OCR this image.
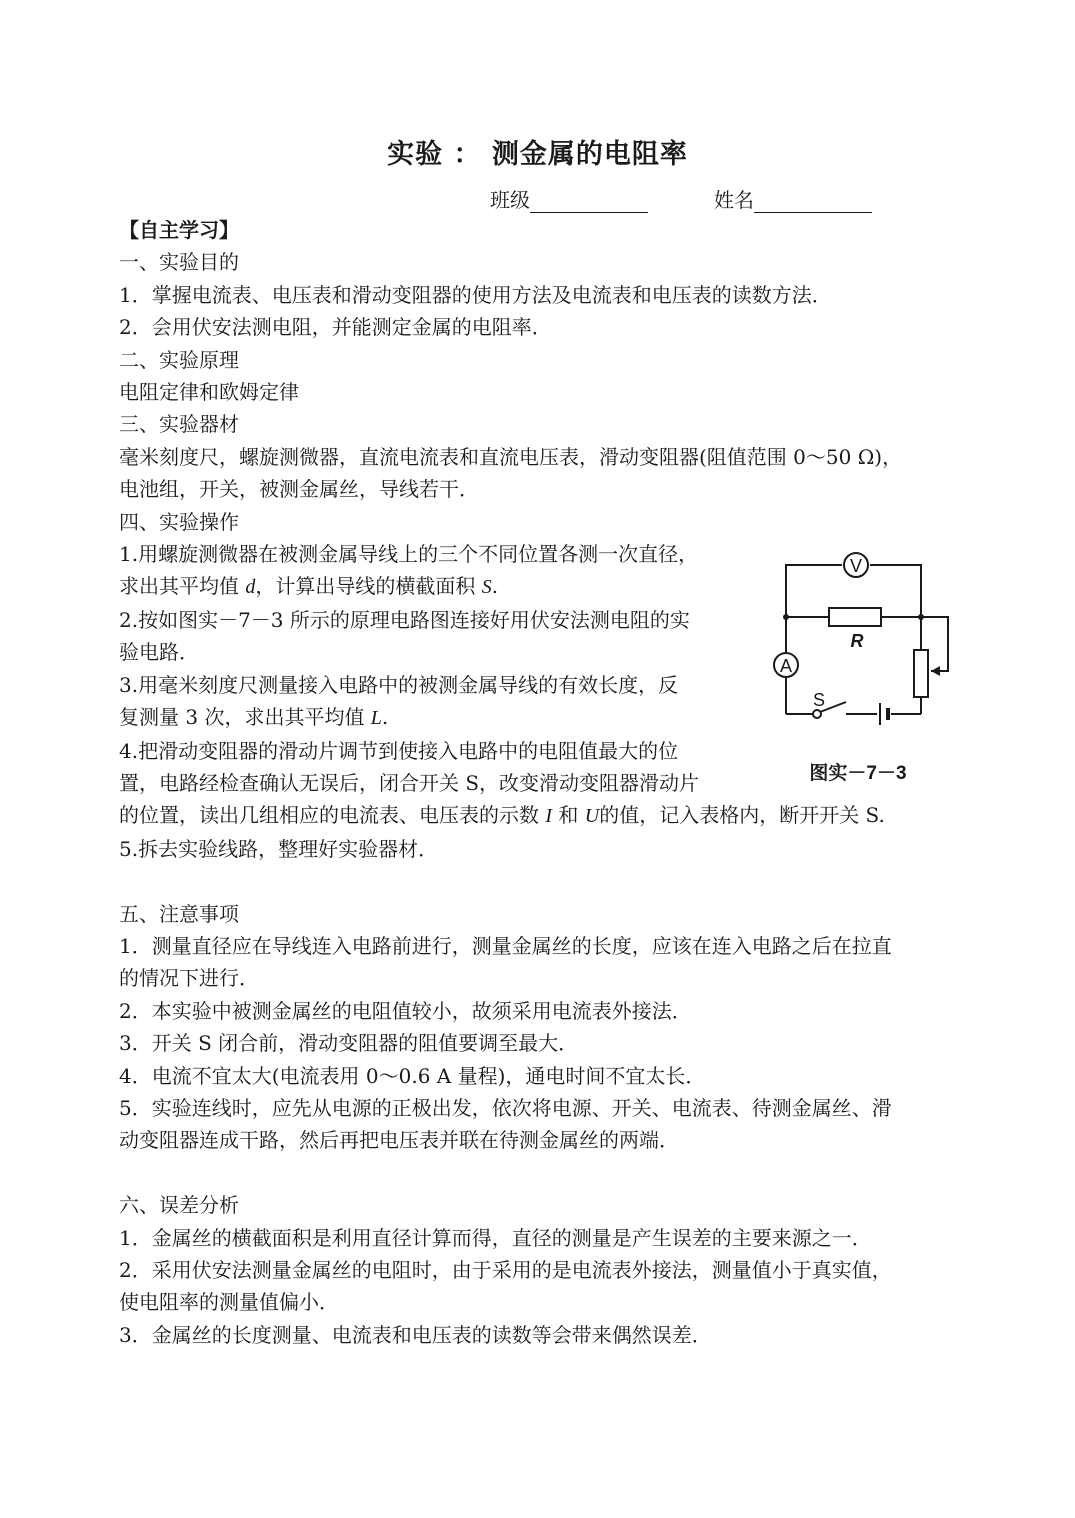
实验 ： 测金属的电阻率
班级	姓名
【自主学习】
一、实验目的
1．掌握电流表、电压表和滑动变阻器的使用方法及电流表和电压表的读数方法．
2．会用伏安法测电阻，并能测定金属的电阻率．
二、实验原理
电阻定律和欧姆定律
三、实验器材
毫米刻度尺，螺旋测微器，直流电流表和直流电压表，滑动变阻器(阻值范围 0～50 Ω)，
电池组，开关，被测金属丝，导线若干．
四、实验操作
1.用螺旋测微器在被测金属导线上的三个不同位置各测一次直径，
求出其平均值 d，计算出导线的横截面积 S.
2.按如图实－7－3 所示的原理电路图连接好用伏安法测电阻的实
验电路．
3.用毫米刻度尺测量接入电路中的被测金属导线的有效长度，反
复测量 3 次，求出其平均值 L.
4.把滑动变阻器的滑动片调节到使接入电路中的电阻值最大的位
置，电路经检查确认无误后，闭合开关 S，改变滑动变阻器滑动片
的位置，读出几组相应的电流表、电压表的示数 I 和 U的值，记入表格内，断开开关 S.
5.拆去实验线路，整理好实验器材．
五、注意事项
1．测量直径应在导线连入电路前进行，测量金属丝的长度，应该在连入电路之后在拉直
的情况下进行．
2．本实验中被测金属丝的电阻值较小，故须采用电流表外接法．
3．开关 S 闭合前，滑动变阻器的阻值要调至最大．
4．电流不宜太大(电流表用 0～0.6 A 量程)，通电时间不宜太长．
5．实验连线时，应先从电源的正极出发，依次将电源、开关、电流表、待测金属丝、滑
动变阻器连成干路，然后再把电压表并联在待测金属丝的两端．
六、误差分析
1．金属丝的横截面积是利用直径计算而得，直径的测量是产生误差的主要来源之一．
2．采用伏安法测量金属丝的电阻时，由于采用的是电流表外接法，测量值小于真实值，
使电阻率的测量值偏小．
3．金属丝的长度测量、电流表和电压表的读数等会带来偶然误差．
V
A
R
S
图实－7－3
